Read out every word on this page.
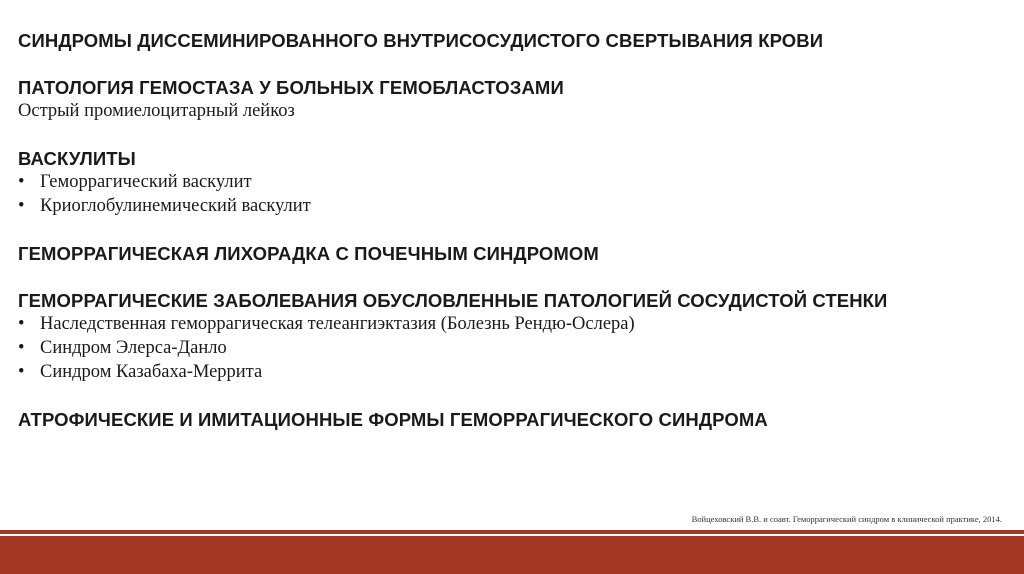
СИНДРОМЫ ДИССЕМИНИРОВАННОГО ВНУТРИСОСУДИСТОГО СВЕРТЫВАНИЯ КРОВИ

ПАТОЛОГИЯ ГЕМОСТАЗА У БОЛЬНЫХ ГЕМОБЛАСТОЗАМИ

Острый промиелоцитарный лейкоз

ВАСКУЛИТЫ

• Геморрагический васкулит
• Криоглобулинемический васкулит

ГЕМОРРАГИЧЕСКАЯ ЛИХОРАДКА С ПОЧЕЧНЫМ СИНДРОМОМ

ГЕМОРРАГИЧЕСКИЕ ЗАБОЛЕВАНИЯ ОБУСЛОВЛЕННЫЕ ПАТОЛОГИЕЙ СОСУДИСТОЙ СТЕНКИ

• Наследственная геморрагическая телеангиэктазия (Болезнь Рендю-Ослера)
• Синдром Элерса-Данло
• Синдром Казабаха-Меррита

АТРОФИЧЕСКИЕ И ИМИТАЦИОННЫЕ ФОРМЫ ГЕМОРРАГИЧЕСКОГО СИНДРОМА

Войцеховский В.В. и соавт. Геморрагический синдром в клинической практике, 2014.
